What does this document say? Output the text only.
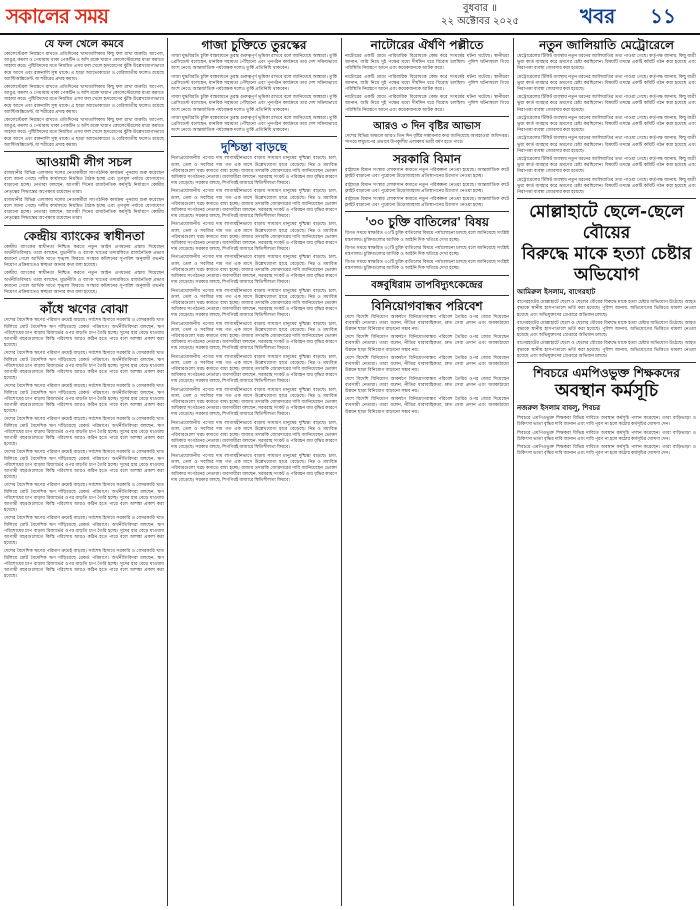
সকালের সময়	বুধবার ॥
২২ অক্টোবর ২০২৫	খবর ১১
যে ফল খেলে কমবে
কোলেস্টেরল নিয়ন্ত্রণে রাখতে প্রতিদিনের খাদ্যতালিকায় কিছু ফল রাখা জরুরি। আপেল, আঙুর, কমলা ও পেয়ারায় থাকা পেকটিন ও আঁশ রক্তে খারাপ কোলেস্টেরলের মাত্রা কমাতে সাহায্য করে। পুষ্টিবিদদের মতে নিয়মিত এসব ফল খেলে হৃদরোগের ঝুঁকি উল্লেখযোগ্যভাবে কমে আসে এবং রক্তনালি সুস্থ থাকে। এ ছাড়া অ্যাভোকাডো ও বেরিজাতীয় ফলেও রয়েছে অ্যান্টিঅক্সিডেন্ট, যা শরীরের প্রদাহ কমায়।
কোলেস্টেরল নিয়ন্ত্রণে রাখতে প্রতিদিনের খাদ্যতালিকায় কিছু ফল রাখা জরুরি। আপেল, আঙুর, কমলা ও পেয়ারায় থাকা পেকটিন ও আঁশ রক্তে খারাপ কোলেস্টেরলের মাত্রা কমাতে সাহায্য করে। পুষ্টিবিদদের মতে নিয়মিত এসব ফল খেলে হৃদরোগের ঝুঁকি উল্লেখযোগ্যভাবে কমে আসে এবং রক্তনালি সুস্থ থাকে। এ ছাড়া অ্যাভোকাডো ও বেরিজাতীয় ফলেও রয়েছে অ্যান্টিঅক্সিডেন্ট, যা শরীরের প্রদাহ কমায়।
কোলেস্টেরল নিয়ন্ত্রণে রাখতে প্রতিদিনের খাদ্যতালিকায় কিছু ফল রাখা জরুরি। আপেল, আঙুর, কমলা ও পেয়ারায় থাকা পেকটিন ও আঁশ রক্তে খারাপ কোলেস্টেরলের মাত্রা কমাতে সাহায্য করে। পুষ্টিবিদদের মতে নিয়মিত এসব ফল খেলে হৃদরোগের ঝুঁকি উল্লেখযোগ্যভাবে কমে আসে এবং রক্তনালি সুস্থ থাকে। এ ছাড়া অ্যাভোকাডো ও বেরিজাতীয় ফলেও রয়েছে অ্যান্টিঅক্সিডেন্ট, যা শরীরের প্রদাহ কমায়।
আওয়ামী লীগ সচল
রাজধানীর বিভিন্ন এলাকায় দলের নেতাকর্মীরা সাংগঠনিক কার্যক্রম পুনরায় শুরু করেছেন বলে জানা গেছে। দলীয় কার্যালয়ে নিয়মিত বৈঠক হচ্ছে এবং তৃণমূল পর্যায়ে যোগাযোগ বাড়ানো হচ্ছে। নেতারা বলছেন, আগামী দিনের রাজনৈতিক কর্মসূচি নির্ধারণে কেন্দ্রীয় নেতৃত্বের সিদ্ধান্তের অপেক্ষায় রয়েছেন তারা।
রাজধানীর বিভিন্ন এলাকায় দলের নেতাকর্মীরা সাংগঠনিক কার্যক্রম পুনরায় শুরু করেছেন বলে জানা গেছে। দলীয় কার্যালয়ে নিয়মিত বৈঠক হচ্ছে এবং তৃণমূল পর্যায়ে যোগাযোগ বাড়ানো হচ্ছে। নেতারা বলছেন, আগামী দিনের রাজনৈতিক কর্মসূচি নির্ধারণে কেন্দ্রীয় নেতৃত্বের সিদ্ধান্তের অপেক্ষায় রয়েছেন তারা।
কেন্দ্রীয় ব্যাংকের স্বাধীনতা
কেন্দ্রীয় ব্যাংকের স্বাধীনতা নিশ্চিত করতে নতুন আইন প্রণয়নের প্রস্তাব দিয়েছেন অর্থনীতিবিদরা। তারা বলছেন, মুদ্রানীতি ও ব্যাংক খাতের তদারকিতে রাজনৈতিক প্রভাব কমানো গেলে আর্থিক খাতে শৃঙ্খলা ফিরবে। সংস্কার কমিশনের সুপারিশ অনুযায়ী গভর্নর নিয়োগ প্রক্রিয়াতেও স্বচ্ছতা আনার কথা বলা হয়েছে।
কেন্দ্রীয় ব্যাংকের স্বাধীনতা নিশ্চিত করতে নতুন আইন প্রণয়নের প্রস্তাব দিয়েছেন অর্থনীতিবিদরা। তারা বলছেন, মুদ্রানীতি ও ব্যাংক খাতের তদারকিতে রাজনৈতিক প্রভাব কমানো গেলে আর্থিক খাতে শৃঙ্খলা ফিরবে। সংস্কার কমিশনের সুপারিশ অনুযায়ী গভর্নর নিয়োগ প্রক্রিয়াতেও স্বচ্ছতা আনার কথা বলা হয়েছে।
কাঁধে ঋণের বোঝা
দেশের বৈদেশিক ঋণের পরিমাণ ক্রমেই বাড়ছে। সর্বশেষ হিসাবে সরকারি ও বেসরকারি খাত মিলিয়ে মোট বৈদেশিক ঋণ দাঁড়িয়েছে রেকর্ড পরিমাণে। অর্থনীতিবিদরা বলছেন, ঋণ পরিশোধের চাপ বাড়ায় রিজার্ভের ওপর বাড়তি চাপ তৈরি হচ্ছে। সুদের হার বেড়ে যাওয়ায় আগামী বছরগুলোতে কিস্তি পরিশোধ আরও কঠিন হতে পারে বলে আশঙ্কা প্রকাশ করা হয়েছে।
দেশের বৈদেশিক ঋণের পরিমাণ ক্রমেই বাড়ছে। সর্বশেষ হিসাবে সরকারি ও বেসরকারি খাত মিলিয়ে মোট বৈদেশিক ঋণ দাঁড়িয়েছে রেকর্ড পরিমাণে। অর্থনীতিবিদরা বলছেন, ঋণ পরিশোধের চাপ বাড়ায় রিজার্ভের ওপর বাড়তি চাপ তৈরি হচ্ছে। সুদের হার বেড়ে যাওয়ায় আগামী বছরগুলোতে কিস্তি পরিশোধ আরও কঠিন হতে পারে বলে আশঙ্কা প্রকাশ করা হয়েছে।
দেশের বৈদেশিক ঋণের পরিমাণ ক্রমেই বাড়ছে। সর্বশেষ হিসাবে সরকারি ও বেসরকারি খাত মিলিয়ে মোট বৈদেশিক ঋণ দাঁড়িয়েছে রেকর্ড পরিমাণে। অর্থনীতিবিদরা বলছেন, ঋণ পরিশোধের চাপ বাড়ায় রিজার্ভের ওপর বাড়তি চাপ তৈরি হচ্ছে। সুদের হার বেড়ে যাওয়ায় আগামী বছরগুলোতে কিস্তি পরিশোধ আরও কঠিন হতে পারে বলে আশঙ্কা প্রকাশ করা হয়েছে।
দেশের বৈদেশিক ঋণের পরিমাণ ক্রমেই বাড়ছে। সর্বশেষ হিসাবে সরকারি ও বেসরকারি খাত মিলিয়ে মোট বৈদেশিক ঋণ দাঁড়িয়েছে রেকর্ড পরিমাণে। অর্থনীতিবিদরা বলছেন, ঋণ পরিশোধের চাপ বাড়ায় রিজার্ভের ওপর বাড়তি চাপ তৈরি হচ্ছে। সুদের হার বেড়ে যাওয়ায় আগামী বছরগুলোতে কিস্তি পরিশোধ আরও কঠিন হতে পারে বলে আশঙ্কা প্রকাশ করা হয়েছে।
দেশের বৈদেশিক ঋণের পরিমাণ ক্রমেই বাড়ছে। সর্বশেষ হিসাবে সরকারি ও বেসরকারি খাত মিলিয়ে মোট বৈদেশিক ঋণ দাঁড়িয়েছে রেকর্ড পরিমাণে। অর্থনীতিবিদরা বলছেন, ঋণ পরিশোধের চাপ বাড়ায় রিজার্ভের ওপর বাড়তি চাপ তৈরি হচ্ছে। সুদের হার বেড়ে যাওয়ায় আগামী বছরগুলোতে কিস্তি পরিশোধ আরও কঠিন হতে পারে বলে আশঙ্কা প্রকাশ করা হয়েছে।
দেশের বৈদেশিক ঋণের পরিমাণ ক্রমেই বাড়ছে। সর্বশেষ হিসাবে সরকারি ও বেসরকারি খাত মিলিয়ে মোট বৈদেশিক ঋণ দাঁড়িয়েছে রেকর্ড পরিমাণে। অর্থনীতিবিদরা বলছেন, ঋণ পরিশোধের চাপ বাড়ায় রিজার্ভের ওপর বাড়তি চাপ তৈরি হচ্ছে। সুদের হার বেড়ে যাওয়ায় আগামী বছরগুলোতে কিস্তি পরিশোধ আরও কঠিন হতে পারে বলে আশঙ্কা প্রকাশ করা হয়েছে।
দেশের বৈদেশিক ঋণের পরিমাণ ক্রমেই বাড়ছে। সর্বশেষ হিসাবে সরকারি ও বেসরকারি খাত মিলিয়ে মোট বৈদেশিক ঋণ দাঁড়িয়েছে রেকর্ড পরিমাণে। অর্থনীতিবিদরা বলছেন, ঋণ পরিশোধের চাপ বাড়ায় রিজার্ভের ওপর বাড়তি চাপ তৈরি হচ্ছে। সুদের হার বেড়ে যাওয়ায় আগামী বছরগুলোতে কিস্তি পরিশোধ আরও কঠিন হতে পারে বলে আশঙ্কা প্রকাশ করা হয়েছে।
দেশের বৈদেশিক ঋণের পরিমাণ ক্রমেই বাড়ছে। সর্বশেষ হিসাবে সরকারি ও বেসরকারি খাত মিলিয়ে মোট বৈদেশিক ঋণ দাঁড়িয়েছে রেকর্ড পরিমাণে। অর্থনীতিবিদরা বলছেন, ঋণ পরিশোধের চাপ বাড়ায় রিজার্ভের ওপর বাড়তি চাপ তৈরি হচ্ছে। সুদের হার বেড়ে যাওয়ায় আগামী বছরগুলোতে কিস্তি পরিশোধ আরও কঠিন হতে পারে বলে আশঙ্কা প্রকাশ করা হয়েছে।
গাজা চুক্তিতে তুরস্কের
গাজা যুদ্ধবিরতি চুক্তি বাস্তবায়নে তুরস্ক গুরুত্বপূর্ণ ভূমিকা রাখবে বলে জানিয়েছে আঙ্কারা। তুর্কি প্রেসিডেন্ট বলেছেন, মানবিক সহায়তা পৌঁছানো এবং পুনর্গঠন কার্যক্রমে তার দেশ সক্রিয়ভাবে অংশ নেবে। আন্তর্জাতিক পর্যবেক্ষক দলেও তুর্কি প্রতিনিধি থাকবেন।
গাজা যুদ্ধবিরতি চুক্তি বাস্তবায়নে তুরস্ক গুরুত্বপূর্ণ ভূমিকা রাখবে বলে জানিয়েছে আঙ্কারা। তুর্কি প্রেসিডেন্ট বলেছেন, মানবিক সহায়তা পৌঁছানো এবং পুনর্গঠন কার্যক্রমে তার দেশ সক্রিয়ভাবে অংশ নেবে। আন্তর্জাতিক পর্যবেক্ষক দলেও তুর্কি প্রতিনিধি থাকবেন।
গাজা যুদ্ধবিরতি চুক্তি বাস্তবায়নে তুরস্ক গুরুত্বপূর্ণ ভূমিকা রাখবে বলে জানিয়েছে আঙ্কারা। তুর্কি প্রেসিডেন্ট বলেছেন, মানবিক সহায়তা পৌঁছানো এবং পুনর্গঠন কার্যক্রমে তার দেশ সক্রিয়ভাবে অংশ নেবে। আন্তর্জাতিক পর্যবেক্ষক দলেও তুর্কি প্রতিনিধি থাকবেন।
গাজা যুদ্ধবিরতি চুক্তি বাস্তবায়নে তুরস্ক গুরুত্বপূর্ণ ভূমিকা রাখবে বলে জানিয়েছে আঙ্কারা। তুর্কি প্রেসিডেন্ট বলেছেন, মানবিক সহায়তা পৌঁছানো এবং পুনর্গঠন কার্যক্রমে তার দেশ সক্রিয়ভাবে অংশ নেবে। আন্তর্জাতিক পর্যবেক্ষক দলেও তুর্কি প্রতিনিধি থাকবেন।
দুশ্চিন্তা বাড়ছে
নিত্যপ্রয়োজনীয় পণ্যের দাম লাগামহীনভাবে বাড়ায় সাধারণ মানুষের দুশ্চিন্তা বাড়ছে। চাল, ডাল, তেল ও সবজির দাম গত এক মাসে উল্লেখযোগ্য হারে বেড়েছে। নিম্ন ও মধ্যবিত্ত পরিবারগুলো খরচ কমাতে বাধ্য হচ্ছে। বাজার তদারকি জোরদারের দাবি জানিয়েছেন ভোক্তা অধিকার সংগঠনের নেতারা। ব্যবসায়ীরা বলছেন, সরবরাহ সংকট ও পরিবহন ব্যয় বৃদ্ধির কারণে দাম বেড়েছে। সরকার বলছে, শিগগিরই বাজারে স্থিতিশীলতা ফিরবে।
নিত্যপ্রয়োজনীয় পণ্যের দাম লাগামহীনভাবে বাড়ায় সাধারণ মানুষের দুশ্চিন্তা বাড়ছে। চাল, ডাল, তেল ও সবজির দাম গত এক মাসে উল্লেখযোগ্য হারে বেড়েছে। নিম্ন ও মধ্যবিত্ত পরিবারগুলো খরচ কমাতে বাধ্য হচ্ছে। বাজার তদারকি জোরদারের দাবি জানিয়েছেন ভোক্তা অধিকার সংগঠনের নেতারা। ব্যবসায়ীরা বলছেন, সরবরাহ সংকট ও পরিবহন ব্যয় বৃদ্ধির কারণে দাম বেড়েছে। সরকার বলছে, শিগগিরই বাজারে স্থিতিশীলতা ফিরবে।
নিত্যপ্রয়োজনীয় পণ্যের দাম লাগামহীনভাবে বাড়ায় সাধারণ মানুষের দুশ্চিন্তা বাড়ছে। চাল, ডাল, তেল ও সবজির দাম গত এক মাসে উল্লেখযোগ্য হারে বেড়েছে। নিম্ন ও মধ্যবিত্ত পরিবারগুলো খরচ কমাতে বাধ্য হচ্ছে। বাজার তদারকি জোরদারের দাবি জানিয়েছেন ভোক্তা অধিকার সংগঠনের নেতারা। ব্যবসায়ীরা বলছেন, সরবরাহ সংকট ও পরিবহন ব্যয় বৃদ্ধির কারণে দাম বেড়েছে। সরকার বলছে, শিগগিরই বাজারে স্থিতিশীলতা ফিরবে।
নিত্যপ্রয়োজনীয় পণ্যের দাম লাগামহীনভাবে বাড়ায় সাধারণ মানুষের দুশ্চিন্তা বাড়ছে। চাল, ডাল, তেল ও সবজির দাম গত এক মাসে উল্লেখযোগ্য হারে বেড়েছে। নিম্ন ও মধ্যবিত্ত পরিবারগুলো খরচ কমাতে বাধ্য হচ্ছে। বাজার তদারকি জোরদারের দাবি জানিয়েছেন ভোক্তা অধিকার সংগঠনের নেতারা। ব্যবসায়ীরা বলছেন, সরবরাহ সংকট ও পরিবহন ব্যয় বৃদ্ধির কারণে দাম বেড়েছে। সরকার বলছে, শিগগিরই বাজারে স্থিতিশীলতা ফিরবে।
নিত্যপ্রয়োজনীয় পণ্যের দাম লাগামহীনভাবে বাড়ায় সাধারণ মানুষের দুশ্চিন্তা বাড়ছে। চাল, ডাল, তেল ও সবজির দাম গত এক মাসে উল্লেখযোগ্য হারে বেড়েছে। নিম্ন ও মধ্যবিত্ত পরিবারগুলো খরচ কমাতে বাধ্য হচ্ছে। বাজার তদারকি জোরদারের দাবি জানিয়েছেন ভোক্তা অধিকার সংগঠনের নেতারা। ব্যবসায়ীরা বলছেন, সরবরাহ সংকট ও পরিবহন ব্যয় বৃদ্ধির কারণে দাম বেড়েছে। সরকার বলছে, শিগগিরই বাজারে স্থিতিশীলতা ফিরবে।
নিত্যপ্রয়োজনীয় পণ্যের দাম লাগামহীনভাবে বাড়ায় সাধারণ মানুষের দুশ্চিন্তা বাড়ছে। চাল, ডাল, তেল ও সবজির দাম গত এক মাসে উল্লেখযোগ্য হারে বেড়েছে। নিম্ন ও মধ্যবিত্ত পরিবারগুলো খরচ কমাতে বাধ্য হচ্ছে। বাজার তদারকি জোরদারের দাবি জানিয়েছেন ভোক্তা অধিকার সংগঠনের নেতারা। ব্যবসায়ীরা বলছেন, সরবরাহ সংকট ও পরিবহন ব্যয় বৃদ্ধির কারণে দাম বেড়েছে। সরকার বলছে, শিগগিরই বাজারে স্থিতিশীলতা ফিরবে।
নিত্যপ্রয়োজনীয় পণ্যের দাম লাগামহীনভাবে বাড়ায় সাধারণ মানুষের দুশ্চিন্তা বাড়ছে। চাল, ডাল, তেল ও সবজির দাম গত এক মাসে উল্লেখযোগ্য হারে বেড়েছে। নিম্ন ও মধ্যবিত্ত পরিবারগুলো খরচ কমাতে বাধ্য হচ্ছে। বাজার তদারকি জোরদারের দাবি জানিয়েছেন ভোক্তা অধিকার সংগঠনের নেতারা। ব্যবসায়ীরা বলছেন, সরবরাহ সংকট ও পরিবহন ব্যয় বৃদ্ধির কারণে দাম বেড়েছে। সরকার বলছে, শিগগিরই বাজারে স্থিতিশীলতা ফিরবে।
নিত্যপ্রয়োজনীয় পণ্যের দাম লাগামহীনভাবে বাড়ায় সাধারণ মানুষের দুশ্চিন্তা বাড়ছে। চাল, ডাল, তেল ও সবজির দাম গত এক মাসে উল্লেখযোগ্য হারে বেড়েছে। নিম্ন ও মধ্যবিত্ত পরিবারগুলো খরচ কমাতে বাধ্য হচ্ছে। বাজার তদারকি জোরদারের দাবি জানিয়েছেন ভোক্তা অধিকার সংগঠনের নেতারা। ব্যবসায়ীরা বলছেন, সরবরাহ সংকট ও পরিবহন ব্যয় বৃদ্ধির কারণে দাম বেড়েছে। সরকার বলছে, শিগগিরই বাজারে স্থিতিশীলতা ফিরবে।
নিত্যপ্রয়োজনীয় পণ্যের দাম লাগামহীনভাবে বাড়ায় সাধারণ মানুষের দুশ্চিন্তা বাড়ছে। চাল, ডাল, তেল ও সবজির দাম গত এক মাসে উল্লেখযোগ্য হারে বেড়েছে। নিম্ন ও মধ্যবিত্ত পরিবারগুলো খরচ কমাতে বাধ্য হচ্ছে। বাজার তদারকি জোরদারের দাবি জানিয়েছেন ভোক্তা অধিকার সংগঠনের নেতারা। ব্যবসায়ীরা বলছেন, সরবরাহ সংকট ও পরিবহন ব্যয় বৃদ্ধির কারণে দাম বেড়েছে। সরকার বলছে, শিগগিরই বাজারে স্থিতিশীলতা ফিরবে।
নিত্যপ্রয়োজনীয় পণ্যের দাম লাগামহীনভাবে বাড়ায় সাধারণ মানুষের দুশ্চিন্তা বাড়ছে। চাল, ডাল, তেল ও সবজির দাম গত এক মাসে উল্লেখযোগ্য হারে বেড়েছে। নিম্ন ও মধ্যবিত্ত পরিবারগুলো খরচ কমাতে বাধ্য হচ্ছে। বাজার তদারকি জোরদারের দাবি জানিয়েছেন ভোক্তা অধিকার সংগঠনের নেতারা। ব্যবসায়ীরা বলছেন, সরবরাহ সংকট ও পরিবহন ব্যয় বৃদ্ধির কারণে দাম বেড়েছে। সরকার বলছে, শিগগিরই বাজারে স্থিতিশীলতা ফিরবে।
নাটোরের ঐর্ষণি পল্লীতে
নাটোরের একটি গ্রামে পারিবারিক বিরোধকে কেন্দ্র করে সংঘর্ষের ঘটনা ঘটেছে। স্থানীয়রা জানান, জমি নিয়ে দুই পক্ষের মধ্যে দীর্ঘদিন ধরে বিরোধ চলছিল। পুলিশ ঘটনাস্থলে গিয়ে পরিস্থিতি নিয়ন্ত্রণে আনে এবং কয়েকজনকে আটক করে।
নাটোরের একটি গ্রামে পারিবারিক বিরোধকে কেন্দ্র করে সংঘর্ষের ঘটনা ঘটেছে। স্থানীয়রা জানান, জমি নিয়ে দুই পক্ষের মধ্যে দীর্ঘদিন ধরে বিরোধ চলছিল। পুলিশ ঘটনাস্থলে গিয়ে পরিস্থিতি নিয়ন্ত্রণে আনে এবং কয়েকজনকে আটক করে।
নাটোরের একটি গ্রামে পারিবারিক বিরোধকে কেন্দ্র করে সংঘর্ষের ঘটনা ঘটেছে। স্থানীয়রা জানান, জমি নিয়ে দুই পক্ষের মধ্যে দীর্ঘদিন ধরে বিরোধ চলছিল। পুলিশ ঘটনাস্থলে গিয়ে পরিস্থিতি নিয়ন্ত্রণে আনে এবং কয়েকজনকে আটক করে।
আরও ৩ দিন বৃষ্টির আভাস
দেশের বিভিন্ন অঞ্চলে আরও তিন দিন বৃষ্টির সম্ভাবনার কথা জানিয়েছে আবহাওয়া অধিদপ্তর। সাগরে লঘুচাপের প্রভাবে উপকূলীয় এলাকায় ভারী বর্ষণ হতে পারে।
সরকারি বিমান
রাষ্ট্রায়ত্ত বিমান সংস্থার লোকসান কমাতে নতুন পরিকল্পনা নেওয়া হয়েছে। আন্তর্জাতিক রুটে ফ্লাইট বাড়ানো এবং পুরোনো উড়োজাহাজ প্রতিস্থাপনের উদ্যোগ নেওয়া হচ্ছে।
রাষ্ট্রায়ত্ত বিমান সংস্থার লোকসান কমাতে নতুন পরিকল্পনা নেওয়া হয়েছে। আন্তর্জাতিক রুটে ফ্লাইট বাড়ানো এবং পুরোনো উড়োজাহাজ প্রতিস্থাপনের উদ্যোগ নেওয়া হচ্ছে।
রাষ্ট্রায়ত্ত বিমান সংস্থার লোকসান কমাতে নতুন পরিকল্পনা নেওয়া হয়েছে। আন্তর্জাতিক রুটে ফ্লাইট বাড়ানো এবং পুরোনো উড়োজাহাজ প্রতিস্থাপনের উদ্যোগ নেওয়া হচ্ছে।
'৩০ চুক্তি বাতিলের' বিষয়
বিগত সময়ে স্বাক্ষরিত ৩০টি চুক্তি বাতিলের বিষয়ে পর্যালোচনা চলছে বলে জানিয়েছে সংশ্লিষ্ট মন্ত্রণালয়। চুক্তিগুলোর আর্থিক ও আইনি দিক খতিয়ে দেখা হচ্ছে।
বিগত সময়ে স্বাক্ষরিত ৩০টি চুক্তি বাতিলের বিষয়ে পর্যালোচনা চলছে বলে জানিয়েছে সংশ্লিষ্ট মন্ত্রণালয়। চুক্তিগুলোর আর্থিক ও আইনি দিক খতিয়ে দেখা হচ্ছে।
বিগত সময়ে স্বাক্ষরিত ৩০টি চুক্তি বাতিলের বিষয়ে পর্যালোচনা চলছে বলে জানিয়েছে সংশ্লিষ্ট মন্ত্রণালয়। চুক্তিগুলোর আর্থিক ও আইনি দিক খতিয়ে দেখা হচ্ছে।
বঙ্গবুধিরাম তাপবিদ্যুৎকেন্দ্রের
বিনিয়োগবান্ধব পরিবেশ
দেশে বিদেশি বিনিয়োগ আকর্ষণে বিনিয়োগবান্ধব পরিবেশ তৈরির ওপর জোর দিয়েছেন ব্যবসায়ী নেতারা। তারা বলেন, নীতির ধারাবাহিকতা, দ্রুত সেবা প্রদান এবং অবকাঠামো উন্নয়ন ছাড়া বিনিয়োগ বাড়ানো সম্ভব নয়।
দেশে বিদেশি বিনিয়োগ আকর্ষণে বিনিয়োগবান্ধব পরিবেশ তৈরির ওপর জোর দিয়েছেন ব্যবসায়ী নেতারা। তারা বলেন, নীতির ধারাবাহিকতা, দ্রুত সেবা প্রদান এবং অবকাঠামো উন্নয়ন ছাড়া বিনিয়োগ বাড়ানো সম্ভব নয়।
দেশে বিদেশি বিনিয়োগ আকর্ষণে বিনিয়োগবান্ধব পরিবেশ তৈরির ওপর জোর দিয়েছেন ব্যবসায়ী নেতারা। তারা বলেন, নীতির ধারাবাহিকতা, দ্রুত সেবা প্রদান এবং অবকাঠামো উন্নয়ন ছাড়া বিনিয়োগ বাড়ানো সম্ভব নয়।
দেশে বিদেশি বিনিয়োগ আকর্ষণে বিনিয়োগবান্ধব পরিবেশ তৈরির ওপর জোর দিয়েছেন ব্যবসায়ী নেতারা। তারা বলেন, নীতির ধারাবাহিকতা, দ্রুত সেবা প্রদান এবং অবকাঠামো উন্নয়ন ছাড়া বিনিয়োগ বাড়ানো সম্ভব নয়।
দেশে বিদেশি বিনিয়োগ আকর্ষণে বিনিয়োগবান্ধব পরিবেশ তৈরির ওপর জোর দিয়েছেন ব্যবসায়ী নেতারা। তারা বলেন, নীতির ধারাবাহিকতা, দ্রুত সেবা প্রদান এবং অবকাঠামো উন্নয়ন ছাড়া বিনিয়োগ বাড়ানো সম্ভব নয়।
নতুন জালিয়াতি মেট্রোরেলে
মেট্রোরেলের টিকিট ব্যবস্থায় নতুন ধরনের জালিয়াতির তথ্য পাওয়া গেছে। কর্তৃপক্ষ জানায়, কিছু যাত্রী ভুয়া কার্ড ব্যবহার করে ভ্রমণের চেষ্টা করছিলেন। বিষয়টি তদন্তে একটি কমিটি গঠন করা হয়েছে এবং নিরাপত্তা ব্যবস্থা জোরদার করা হয়েছে।
মেট্রোরেলের টিকিট ব্যবস্থায় নতুন ধরনের জালিয়াতির তথ্য পাওয়া গেছে। কর্তৃপক্ষ জানায়, কিছু যাত্রী ভুয়া কার্ড ব্যবহার করে ভ্রমণের চেষ্টা করছিলেন। বিষয়টি তদন্তে একটি কমিটি গঠন করা হয়েছে এবং নিরাপত্তা ব্যবস্থা জোরদার করা হয়েছে।
মেট্রোরেলের টিকিট ব্যবস্থায় নতুন ধরনের জালিয়াতির তথ্য পাওয়া গেছে। কর্তৃপক্ষ জানায়, কিছু যাত্রী ভুয়া কার্ড ব্যবহার করে ভ্রমণের চেষ্টা করছিলেন। বিষয়টি তদন্তে একটি কমিটি গঠন করা হয়েছে এবং নিরাপত্তা ব্যবস্থা জোরদার করা হয়েছে।
মেট্রোরেলের টিকিট ব্যবস্থায় নতুন ধরনের জালিয়াতির তথ্য পাওয়া গেছে। কর্তৃপক্ষ জানায়, কিছু যাত্রী ভুয়া কার্ড ব্যবহার করে ভ্রমণের চেষ্টা করছিলেন। বিষয়টি তদন্তে একটি কমিটি গঠন করা হয়েছে এবং নিরাপত্তা ব্যবস্থা জোরদার করা হয়েছে।
মেট্রোরেলের টিকিট ব্যবস্থায় নতুন ধরনের জালিয়াতির তথ্য পাওয়া গেছে। কর্তৃপক্ষ জানায়, কিছু যাত্রী ভুয়া কার্ড ব্যবহার করে ভ্রমণের চেষ্টা করছিলেন। বিষয়টি তদন্তে একটি কমিটি গঠন করা হয়েছে এবং নিরাপত্তা ব্যবস্থা জোরদার করা হয়েছে।
মেট্রোরেলের টিকিট ব্যবস্থায় নতুন ধরনের জালিয়াতির তথ্য পাওয়া গেছে। কর্তৃপক্ষ জানায়, কিছু যাত্রী ভুয়া কার্ড ব্যবহার করে ভ্রমণের চেষ্টা করছিলেন। বিষয়টি তদন্তে একটি কমিটি গঠন করা হয়েছে এবং নিরাপত্তা ব্যবস্থা জোরদার করা হয়েছে।
মেট্রোরেলের টিকিট ব্যবস্থায় নতুন ধরনের জালিয়াতির তথ্য পাওয়া গেছে। কর্তৃপক্ষ জানায়, কিছু যাত্রী ভুয়া কার্ড ব্যবহার করে ভ্রমণের চেষ্টা করছিলেন। বিষয়টি তদন্তে একটি কমিটি গঠন করা হয়েছে এবং নিরাপত্তা ব্যবস্থা জোরদার করা হয়েছে।
মোল্লাহাটে ছেলে-ছেলে বৌয়ের
বিরুদ্ধে মাকে হত্যা চেষ্টার
অভিযোগ
আমিরুল ইসলাম, বাগেরহাট
বাগেরহাটের মোল্লাহাটে ছেলে ও ছেলের বৌয়ের বিরুদ্ধে মাকে হত্যা চেষ্টার অভিযোগ উঠেছে। আহত বৃদ্ধাকে স্থানীয় হাসপাতালে ভর্তি করা হয়েছে। পুলিশ জানায়, অভিযোগের ভিত্তিতে মামলা নেওয়া হয়েছে এবং অভিযুক্তদের গ্রেপ্তারে অভিযান চলছে।
বাগেরহাটের মোল্লাহাটে ছেলে ও ছেলের বৌয়ের বিরুদ্ধে মাকে হত্যা চেষ্টার অভিযোগ উঠেছে। আহত বৃদ্ধাকে স্থানীয় হাসপাতালে ভর্তি করা হয়েছে। পুলিশ জানায়, অভিযোগের ভিত্তিতে মামলা নেওয়া হয়েছে এবং অভিযুক্তদের গ্রেপ্তারে অভিযান চলছে।
বাগেরহাটের মোল্লাহাটে ছেলে ও ছেলের বৌয়ের বিরুদ্ধে মাকে হত্যা চেষ্টার অভিযোগ উঠেছে। আহত বৃদ্ধাকে স্থানীয় হাসপাতালে ভর্তি করা হয়েছে। পুলিশ জানায়, অভিযোগের ভিত্তিতে মামলা নেওয়া হয়েছে এবং অভিযুক্তদের গ্রেপ্তারে অভিযান চলছে।
শিবচরে এমপিওভুক্ত শিক্ষকদের
অবস্থান কর্মসূচি
নজরুল ইসলাম বাবলু, শিবচর
শিবচরে এমপিওভুক্ত শিক্ষকরা বিভিন্ন দাবিতে অবস্থান কর্মসূচি পালন করেছেন। তারা বাড়িভাড়া ও চিকিৎসা ভাতা বৃদ্ধির দাবি জানান এবং দাবি পূরণ না হলে কঠোর কর্মসূচির ঘোষণা দেন।
শিবচরে এমপিওভুক্ত শিক্ষকরা বিভিন্ন দাবিতে অবস্থান কর্মসূচি পালন করেছেন। তারা বাড়িভাড়া ও চিকিৎসা ভাতা বৃদ্ধির দাবি জানান এবং দাবি পূরণ না হলে কঠোর কর্মসূচির ঘোষণা দেন।
শিবচরে এমপিওভুক্ত শিক্ষকরা বিভিন্ন দাবিতে অবস্থান কর্মসূচি পালন করেছেন। তারা বাড়িভাড়া ও চিকিৎসা ভাতা বৃদ্ধির দাবি জানান এবং দাবি পূরণ না হলে কঠোর কর্মসূচির ঘোষণা দেন।
